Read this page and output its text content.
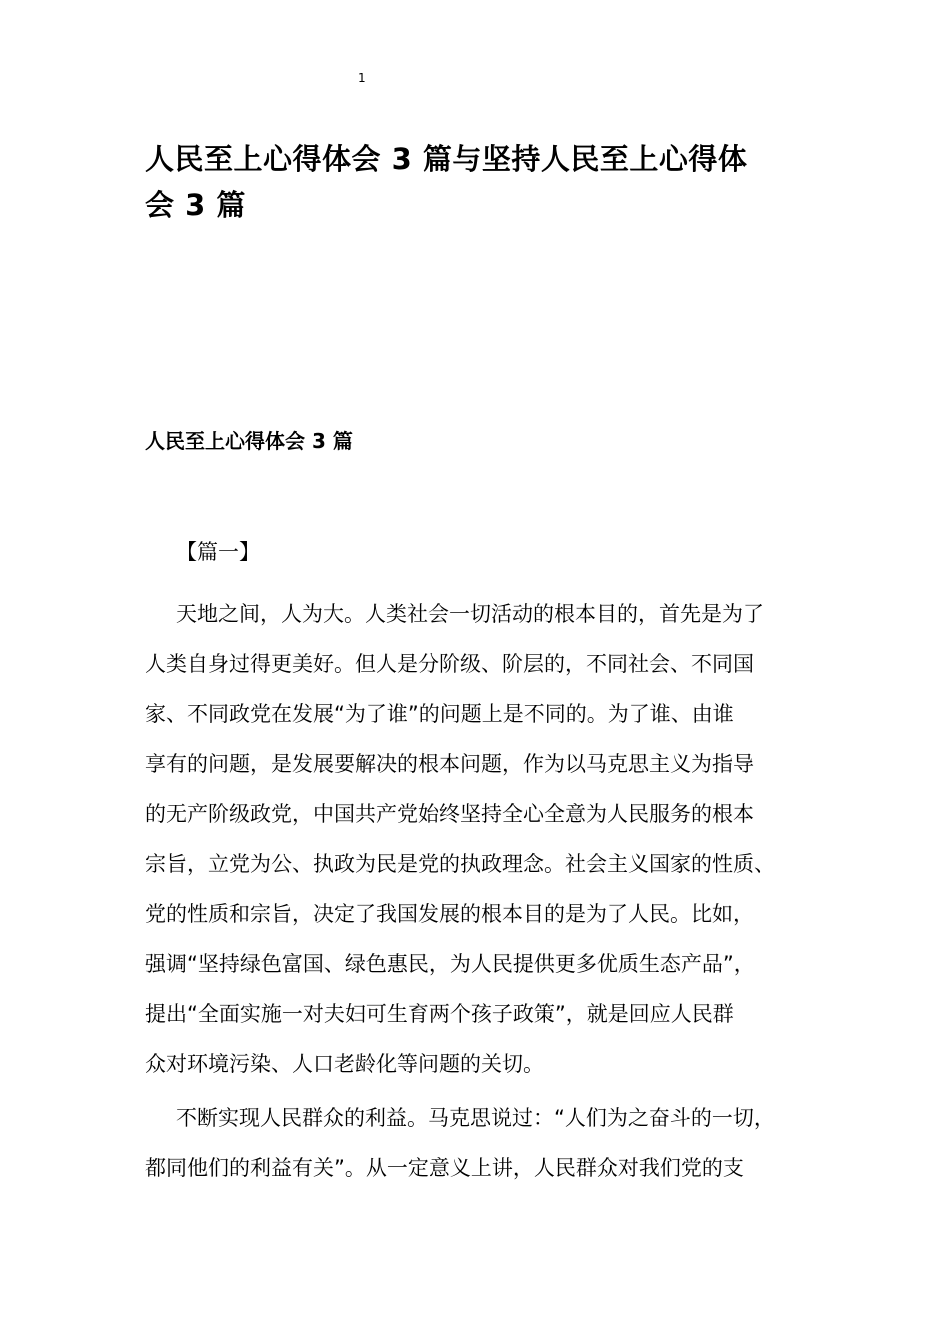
1
人民至上心得体会 3 篇与坚持人民至上心得体
会 3 篇
人民至上心得体会 3 篇

【篇一】

天地之间，人为大。人类社会一切活动的根本目的，首先是为了
人类自身过得更美好。但人是分阶级、阶层的，不同社会、不同国
家、不同政党在发展“为了谁”的问题上是不同的。为了谁、由谁
享有的问题，是发展要解决的根本问题，作为以马克思主义为指导
的无产阶级政党，中国共产党始终坚持全心全意为人民服务的根本
宗旨，立党为公、执政为民是党的执政理念。社会主义国家的性质、
党的性质和宗旨，决定了我国发展的根本目的是为了人民。比如，
强调“坚持绿色富国、绿色惠民，为人民提供更多优质生态产品”，
提出“全面实施一对夫妇可生育两个孩子政策”，就是回应人民群
众对环境污染、人口老龄化等问题的关切。

不断实现人民群众的利益。马克思说过：“人们为之奋斗的一切，
都同他们的利益有关”。从一定意义上讲，人民群众对我们党的支
